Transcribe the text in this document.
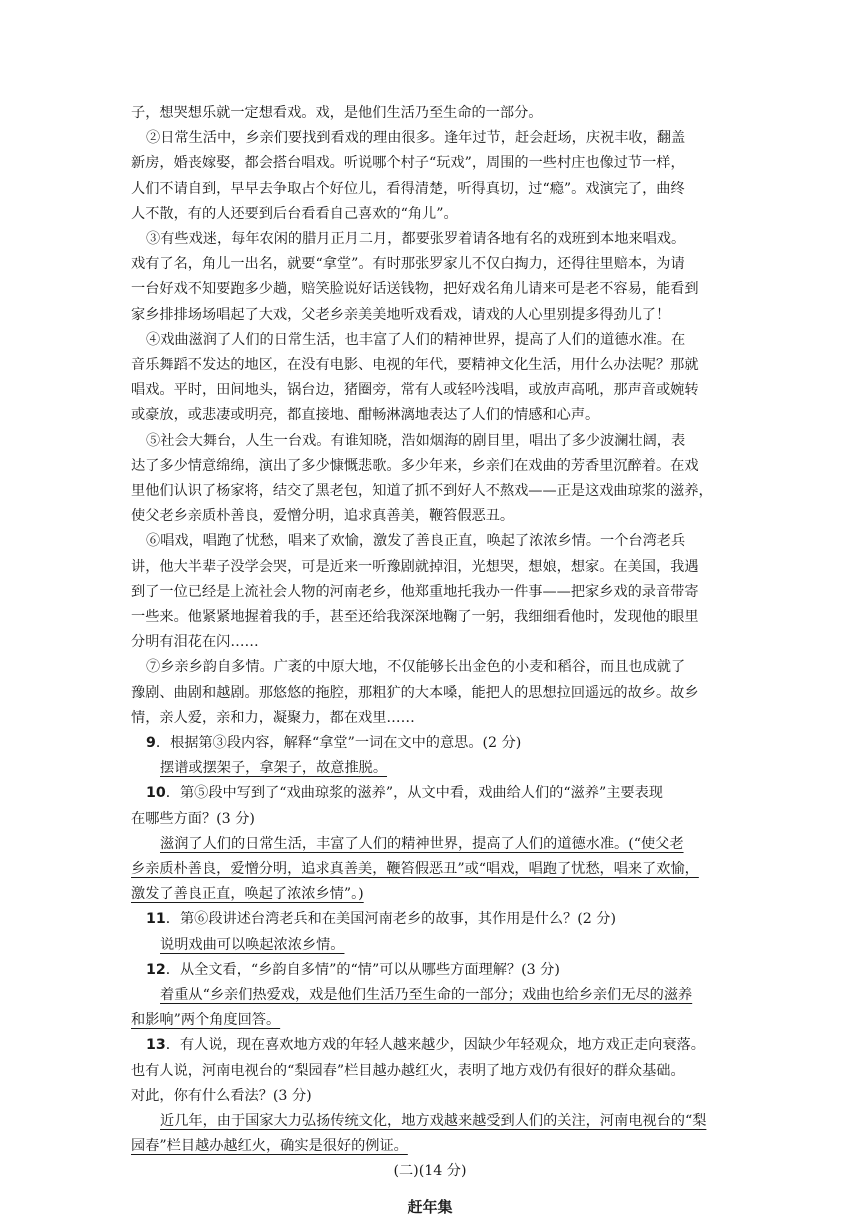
子，想哭想乐就一定想看戏。戏，是他们生活乃至生命的一部分。
②日常生活中，乡亲们要找到看戏的理由很多。逢年过节，赶会赶场，庆祝丰收，翻盖
新房，婚丧嫁娶，都会搭台唱戏。听说哪个村子“玩戏”，周围的一些村庄也像过节一样，
人们不请自到，早早去争取占个好位儿，看得清楚，听得真切，过“瘾”。戏演完了，曲终
人不散，有的人还要到后台看看自己喜欢的“角儿”。
③有些戏迷，每年农闲的腊月正月二月，都要张罗着请各地有名的戏班到本地来唱戏。
戏有了名，角儿一出名，就要“拿堂”。有时那张罗家儿不仅白掏力，还得往里赔本，为请
一台好戏不知要跑多少趟，赔笑脸说好话送钱物，把好戏名角儿请来可是老不容易，能看到
家乡排排场场唱起了大戏，父老乡亲美美地听戏看戏，请戏的人心里别提多得劲儿了！
④戏曲滋润了人们的日常生活，也丰富了人们的精神世界，提高了人们的道德水准。在
音乐舞蹈不发达的地区，在没有电影、电视的年代，要精神文化生活，用什么办法呢？那就
唱戏。平时，田间地头，锅台边，猪圈旁，常有人或轻吟浅唱，或放声高吼，那声音或婉转
或豪放，或悲凄或明亮，都直接地、酣畅淋漓地表达了人们的情感和心声。
⑤社会大舞台，人生一台戏。有谁知晓，浩如烟海的剧目里，唱出了多少波澜壮阔，表
达了多少情意绵绵，演出了多少慷慨悲歌。多少年来，乡亲们在戏曲的芳香里沉醉着。在戏
里他们认识了杨家将，结交了黑老包，知道了抓不到好人不熬戏——正是这戏曲琼浆的滋养，
使父老乡亲质朴善良，爱憎分明，追求真善美，鞭笞假恶丑。
⑥唱戏，唱跑了忧愁，唱来了欢愉，激发了善良正直，唤起了浓浓乡情。一个台湾老兵
讲，他大半辈子没学会哭，可是近来一听豫剧就掉泪，光想哭，想娘，想家。在美国，我遇
到了一位已经是上流社会人物的河南老乡，他郑重地托我办一件事——把家乡戏的录音带寄
一些来。他紧紧地握着我的手，甚至还给我深深地鞠了一躬，我细细看他时，发现他的眼里
分明有泪花在闪……
⑦乡亲乡韵自多情。广袤的中原大地，不仅能够长出金色的小麦和稻谷，而且也成就了
豫剧、曲剧和越剧。那悠悠的拖腔，那粗犷的大本嗓，能把人的思想拉回遥远的故乡。故乡
情，亲人爱，亲和力，凝聚力，都在戏里……
9．根据第③段内容，解释“拿堂”一词在文中的意思。(2 分)
摆谱或摆架子，拿架子，故意推脱。
10．第⑤段中写到了“戏曲琼浆的滋养”，从文中看，戏曲给人们的“滋养”主要表现
在哪些方面？(3 分)
滋润了人们的日常生活，丰富了人们的精神世界，提高了人们的道德水准。(“使父老
乡亲质朴善良，爱憎分明，追求真善美，鞭笞假恶丑”或“唱戏，唱跑了忧愁，唱来了欢愉，
激发了善良正直，唤起了浓浓乡情”。)
11．第⑥段讲述台湾老兵和在美国河南老乡的故事，其作用是什么？(2 分)
说明戏曲可以唤起浓浓乡情。
12．从全文看，“乡韵自多情”的“情”可以从哪些方面理解？(3 分)
着重从“乡亲们热爱戏，戏是他们生活乃至生命的一部分；戏曲也给乡亲们无尽的滋养
和影响”两个角度回答。
13．有人说，现在喜欢地方戏的年轻人越来越少，因缺少年轻观众，地方戏正走向衰落。
也有人说，河南电视台的“梨园春”栏目越办越红火，表明了地方戏仍有很好的群众基础。
对此，你有什么看法？(3 分)
近几年，由于国家大力弘扬传统文化，地方戏越来越受到人们的关注，河南电视台的“梨
园春”栏目越办越红火，确实是很好的例证。
(二)(14 分)
赶年集
